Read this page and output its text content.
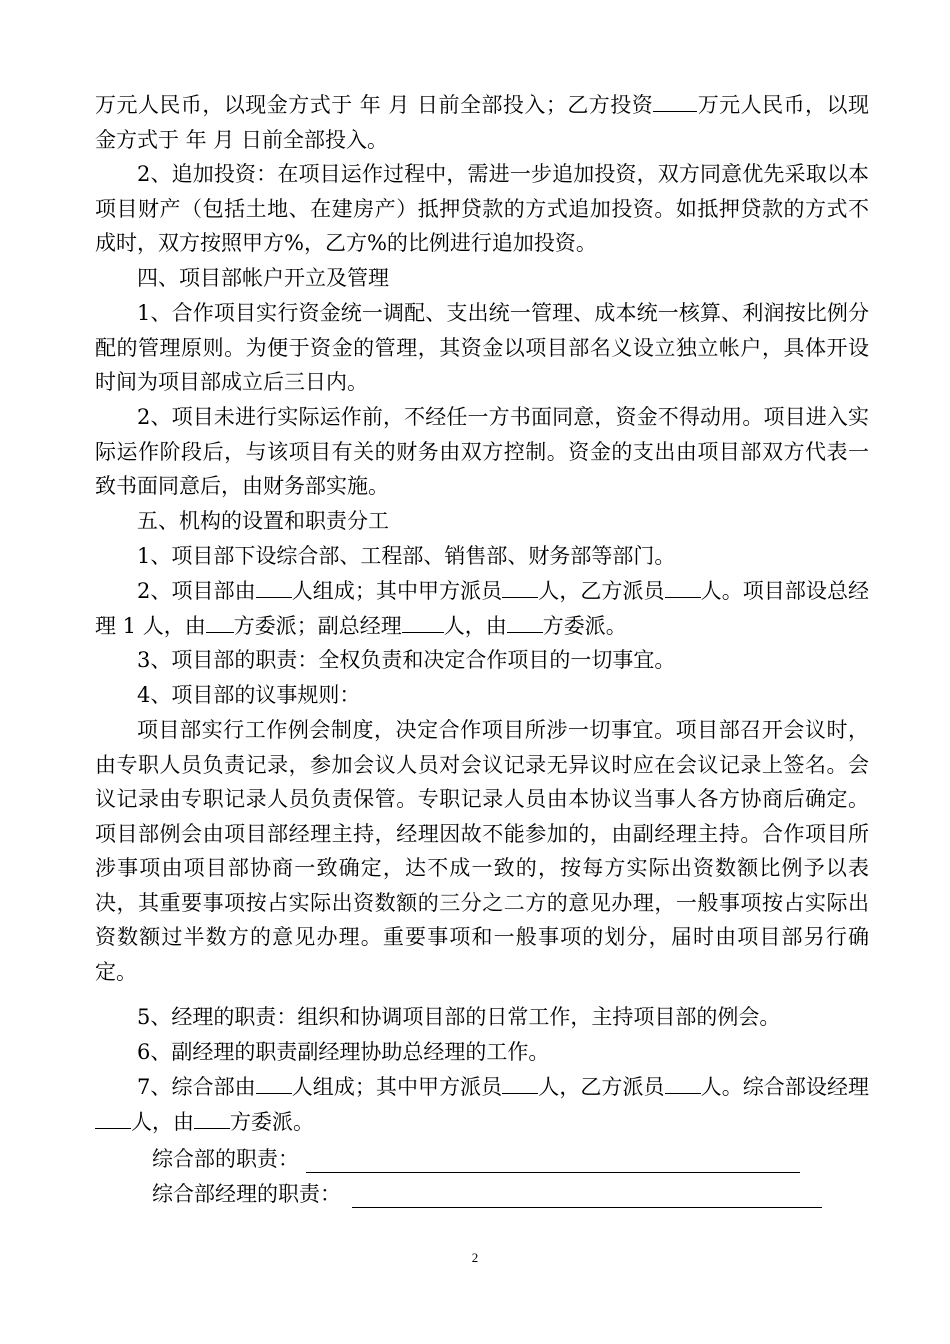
万元人民币，以现金方式于 年 月 日前全部投入；乙方投资 万元人民币，以现金方式于 年 月 日前全部投入。

2、追加投资：在项目运作过程中，需进一步追加投资，双方同意优先采取以本项目财产（包括土地、在建房产）抵押贷款的方式追加投资。如抵押贷款的方式不成时，双方按照甲方%，乙方%的比例进行追加投资。

四、项目部帐户开立及管理

1、合作项目实行资金统一调配、支出统一管理、成本统一核算、利润按比例分配的管理原则。为便于资金的管理，其资金以项目部名义设立独立帐户，具体开设时间为项目部成立后三日内。

2、项目未进行实际运作前，不经任一方书面同意，资金不得动用。项目进入实际运作阶段后，与该项目有关的财务由双方控制。资金的支出由项目部双方代表一致书面同意后，由财务部实施。

五、机构的设置和职责分工

1、项目部下设综合部、工程部、销售部、财务部等部门。

2、项目部由 人组成；其中甲方派员 人，乙方派员 人。项目部设总经理 1 人，由 方委派；副总经理 人，由 方委派。

3、项目部的职责：全权负责和决定合作项目的一切事宜。

4、项目部的议事规则：

项目部实行工作例会制度，决定合作项目所涉一切事宜。项目部召开会议时，由专职人员负责记录，参加会议人员对会议记录无异议时应在会议记录上签名。会议记录由专职记录人员负责保管。专职记录人员由本协议当事人各方协商后确定。项目部例会由项目部经理主持，经理因故不能参加的，由副经理主持。合作项目所涉事项由项目部协商一致确定，达不成一致的，按每方实际出资数额比例予以表决，其重要事项按占实际出资数额的三分之二方的意见办理，一般事项按占实际出资数额过半数方的意见办理。重要事项和一般事项的划分，届时由项目部另行确定。

5、经理的职责：组织和协调项目部的日常工作，主持项目部的例会。

6、副经理的职责副经理协助总经理的工作。

7、综合部由 人组成；其中甲方派员 人，乙方派员 人。综合部设经理人，由 方委派。

综合部的职责：
综合部经理的职责：
2
